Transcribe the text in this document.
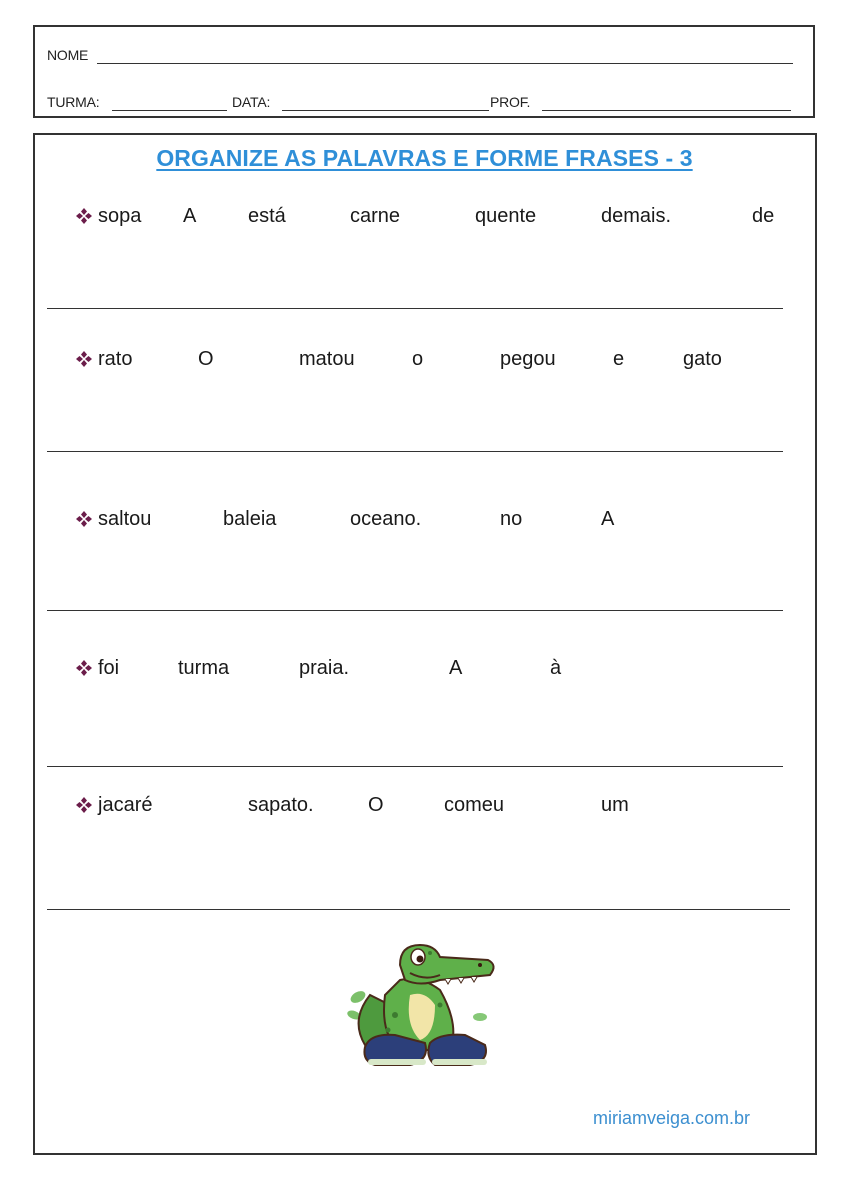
NOME
TURMA:	DATA:	PROF.
ORGANIZE AS PALAVRAS E FORME FRASES - 3
sopa A	está	carne	quente	demais.	de
rato	O	matou	o	pegou	e	gato
saltou	baleia	oceano.	no	A
foi	turma	praia.	A	à
jacaré	sapato.	O	comeu	um
miriamveiga.com.br
